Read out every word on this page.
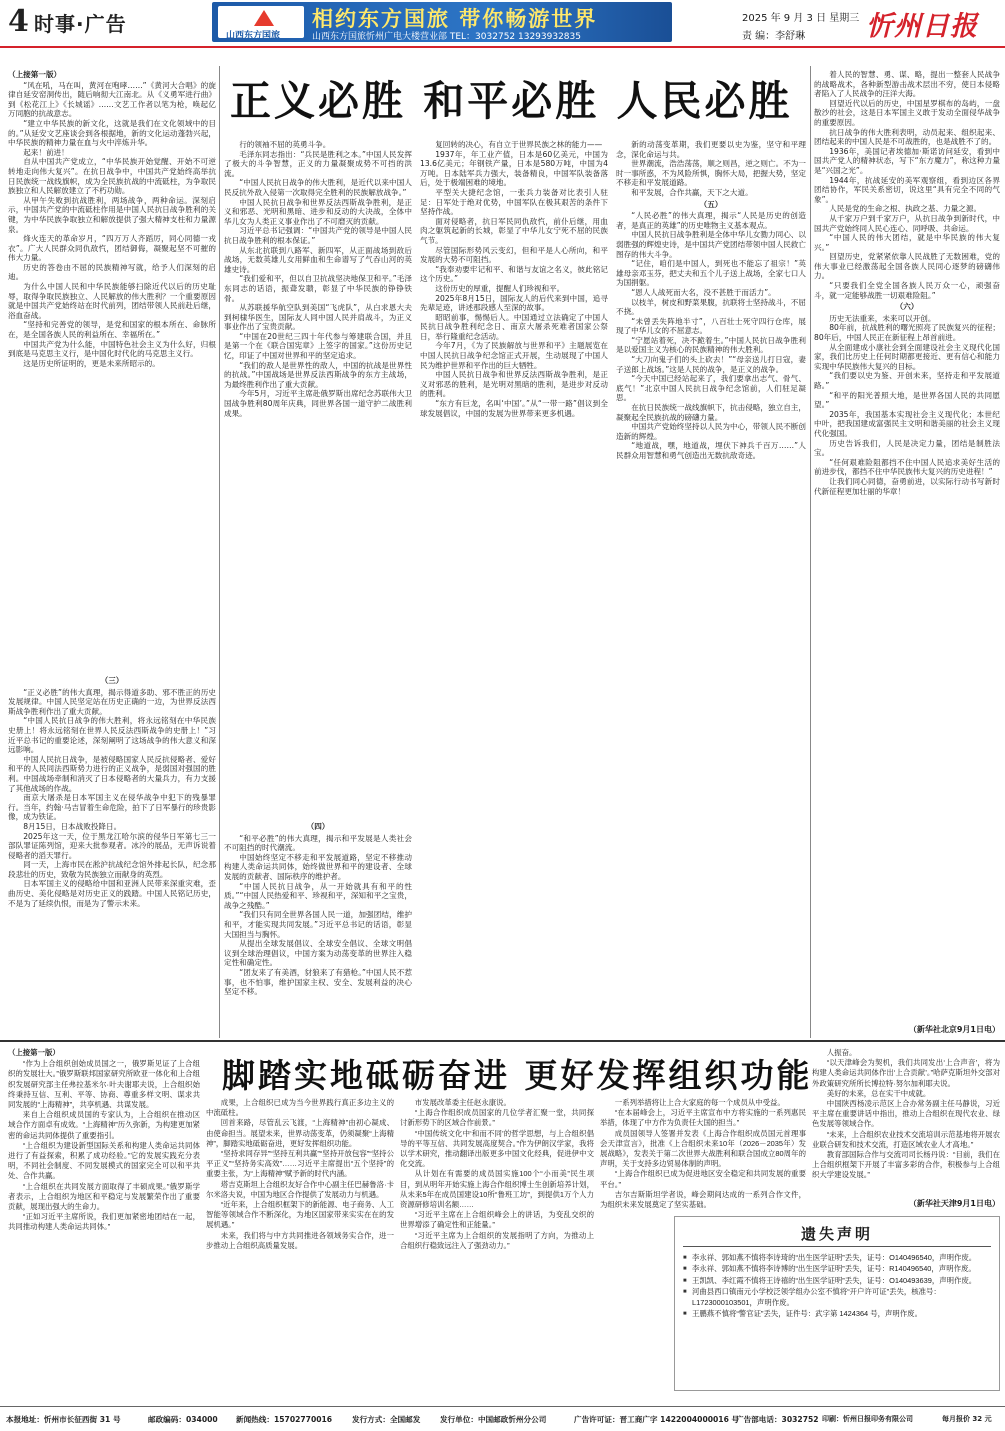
4 时事·广告	山西东方国旅
相约东方国旅 带你畅游世界
山西东方国旅忻州广电大楼营业部 TEL：3032752 13293932835
2025 年 9 月 3 日 星期三
责 编：李舒琳 忻州日报
正义必胜 和平必胜 人民必胜

（上接第一版）

“风在吼，马在叫，黄河在咆哮……”《黄河大合唱》的旋律自延安窑洞传出，随后响彻大江南北。从《义勇军进行曲》到《松花江上》《长城谣》……文艺工作者以笔为枪，唤起亿万同胞的抗战意志。

“建立中华民族的新文化，这就是我们在文化领域中的目的。”从延安文艺座谈会到各根据地，新的文化运动蓬勃兴起，中华民族的精神力量在血与火中淬炼升华。

起来！前进！

自从中国共产党成立，“中华民族开始觉醒、开始不可逆转地走向伟大复兴”。在抗日战争中，中国共产党始终高举抗日民族统一战线旗帜，成为全民族抗战的中流砥柱，为争取民族独立和人民解放建立了不朽功勋。

从甲午失败到抗战胜利，两场战争，两种命运。深刻启示，中国共产党的中流砥柱作用是中国人民抗日战争胜利的关键，为中华民族争取独立和解放提供了强大精神支柱和力量源泉。

烽火连天的革命岁月，“四万万人齐蹈厉，同心同德一戎衣”。广大人民群众同仇敌忾，团结御侮，凝聚起坚不可摧的伟大力量。

历史的答卷由不屈的民族精神写就，给予人们深刻的启迪。

为什么中国人民和中华民族能够扫除近代以后的历史耻辱，取得争取民族独立、人民解放的伟大胜利？一个重要原因就是中国共产党始终站在时代前列，团结带领人民前赴后继，浴血奋战。

“坚持和完善党的领导，是党和国家的根本所在、命脉所在，是全国各族人民的利益所在、幸福所在。”

中国共产党为什么能，中国特色社会主义为什么好，归根到底是马克思主义行，是中国化时代化的马克思主义行。

这是历史所证明的，更是未来所昭示的。

（三）

“正义必胜”的伟大真理，揭示得道多助、邪不胜正的历史发展规律。中国人民坚定站在历史正确的一边，为世界反法西斯战争胜利作出了重大贡献。

“中国人民抗日战争的伟大胜利，将永远铭刻在中华民族史册上！将永远铭刻在世界人民反法西斯战争的史册上！”习近平总书记的重要论述，深刻阐明了这场战争的伟大意义和深远影响。

中国人民抗日战争，是被侵略国家人民反抗侵略者、爱好和平的人民同法西斯势力进行的正义战争，是弱国对强国的胜利。中国战场牵制和消灭了日本侵略者的大量兵力，有力支援了其他战场的作战。

南京大屠杀是日本军国主义在侵华战争中犯下的残暴罪行。当年，约翰·马吉冒着生命危险，拍下了日军暴行的珍贵影像，成为铁证。

8月15日，日本战败投降日。

2025年这一天，位于黑龙江哈尔滨的侵华日军第七三一部队罪证陈列馆，迎来大批参观者。冰冷的展品，无声诉说着侵略者的滔天罪行。

同一天，上海市民在淞沪抗战纪念馆外排起长队，纪念那段悲壮的历史，致敬为民族独立而献身的英烈。

日本军国主义的侵略给中国和亚洲人民带来深重灾难，歪曲历史、美化侵略是对历史正义的践踏。中国人民铭记历史，不是为了延续仇恨，而是为了警示未来。

行的领袖不屈的英勇斗争。

毛泽东同志指出：“兵民是胜利之本。”中国人民发挥了极大的斗争智慧，正义的力量凝聚成势不可挡的洪流。

“中国人民抗日战争的伟大胜利，是近代以来中国人民反抗外敌入侵第一次取得完全胜利的民族解放战争。”

中国人民抗日战争和世界反法西斯战争胜利，是正义和邪恶、光明和黑暗、进步和反动的大决战，全体中华儿女为人类正义事业作出了不可磨灭的贡献。

习近平总书记强调：“中国共产党的领导是中国人民抗日战争胜利的根本保证。”

从东北抗联到八路军、新四军，从正面战场到敌后战场，无数英雄儿女用鲜血和生命谱写了气吞山河的英雄史诗。

“我们爱和平，但以自卫抗战坚决地保卫和平。”毛泽东同志的话语，振聋发聩，彰显了中华民族的铮铮铁骨。

从苏联援华航空队到美国“飞虎队”，从白求恩大夫到柯棣华医生，国际友人同中国人民并肩战斗，为正义事业作出了宝贵贡献。

“中国在20世纪三四十年代参与筹建联合国，并且是第一个在《联合国宪章》上签字的国家。”这份历史记忆，印证了中国对世界和平的坚定追求。

“我们的敌人是世界性的敌人，中国的抗战是世界性的抗战。”中国战场是世界反法西斯战争的东方主战场，为最终胜利作出了重大贡献。

今年5月，习近平主席赴俄罗斯出席纪念苏联伟大卫国战争胜利80周年庆典，同世界各国一道守护二战胜利成果。

（四）

“和平必胜”的伟大真理，揭示和平发展是人类社会不可阻挡的时代潮流。

中国始终坚定不移走和平发展道路，坚定不移推动构建人类命运共同体，始终做世界和平的建设者、全球发展的贡献者、国际秩序的维护者。

“中国人民抗日战争，从一开始就具有和平的性质。”“中国人民热爱和平、珍视和平，深知和平之宝贵，战争之残酷。”

“我们只有同全世界各国人民一道，加强团结，维护和平，才能实现共同发展。”习近平总书记的话语，彰显大国担当与胸怀。

从提出全球发展倡议、全球安全倡议、全球文明倡议到全球治理倡议，中国方案为动荡变革的世界注入稳定性和确定性。

“团友来了有美酒，豺狼来了有猎枪。”中国人民不惹事，也不怕事，维护国家主权、安全、发展利益的决心坚定不移。

复回转的决心，有自立于世界民族之林的能力——

1937年，年工业产值，日本是60亿美元，中国为13.6亿美元；年钢铁产量，日本是580万吨，中国为4万吨。日本陆军兵力强大，装备精良，中国军队装备落后，处于极端困难的境地。

平型关大捷纪念馆，一张兵力装备对比表引人驻足：日军处于绝对优势，中国军队在极其艰苦的条件下坚持作战。

面对侵略者，抗日军民同仇敌忾，前仆后继，用血肉之躯筑起新的长城，彰显了中华儿女宁死不屈的民族气节。

尽管国际形势风云变幻，但和平是人心所向，和平发展的大势不可阻挡。

“我奉劝要牢记和平、和谐与友谊之名义，彼此铭记这个历史。”

这份历史的厚重，提醒人们珍视和平。

2025年8月15日，国际友人的后代来到中国，追寻先辈足迹，讲述那段感人至深的故事。

昭昭前事，惕惕后人。中国通过立法确定了中国人民抗日战争胜利纪念日、南京大屠杀死难者国家公祭日，举行隆重纪念活动。

今年7月，《为了民族解放与世界和平》主题展览在中国人民抗日战争纪念馆正式开展，生动展现了中国人民为维护世界和平作出的巨大牺牲。

中国人民抗日战争和世界反法西斯战争胜利，是正义对邪恶的胜利，是光明对黑暗的胜利，是进步对反动的胜利。

“东方有巨龙，名叫‘中国’。”从“一带一路”倡议到全球发展倡议，中国的发展为世界带来更多机遇。

新的动荡变革期，我们更要以史为鉴，坚守和平理念，深化命运与共。

世界潮流，浩浩荡荡，顺之则昌，逆之则亡。不为一时一事所惑，不为风险所惧，胸怀大局，把握大势，坚定不移走和平发展道路。

和平发展，合作共赢，天下之大道。

（五）

“人民必胜”的伟大真理，揭示“人民是历史的创造者，是真正的英雄”的历史唯物主义基本观点。

中国人民抗日战争胜利是全体中华儿女勠力同心、以弱胜强的辉煌史诗，是中国共产党团结带领中国人民救亡图存的伟大斗争。

“记住，咱们是中国人，到死也不能忘了祖宗！”英雄母亲邓玉芬，把丈夫和五个儿子送上战场，全家七口人为国捐躯。

“恩人人战死而大名，没不甚胜于而活力”。

以枝羊，树皮和野菜果腹，抗联将士坚持战斗，不屈不挠。

“未曾丢失阵地半寸”，八百壮士死守四行仓库，展现了中华儿女的不屈意志。

“宁愿站着死，决不跪着生。”中国人民抗日战争胜利是以爱国主义为核心的民族精神的伟大胜利。

“大刀向鬼子们的头上砍去！”“母亲送儿打日寇，妻子送郎上战场。”这是人民的战争，是正义的战争。

“今天中国已经站起来了，我们要拿出志气、骨气、底气！”北京中国人民抗日战争纪念馆前，人们驻足凝思。

在抗日民族统一战线旗帜下，抗击侵略，独立自主，凝聚起全民族抗战的磅礴力量。

中国共产党始终坚持以人民为中心，带领人民不断创造新的辉煌。

“地道战，嘿，地道战，埋伏下神兵千百万……”人民群众用智慧和勇气创造出无数抗敌奇迹。

着人民的智慧、勇、谋、略，提出一整套人民战争的战略战术，各种新型游击战术层出不穷，使日本侵略者陷入了人民战争的汪洋大海。

回望近代以后的历史，中国星罗棋布的岛屿，一盘散沙的社会，这是日本军国主义敢于发动全面侵华战争的重要原因。

抗日战争的伟大胜利表明，动员起来、组织起来、团结起来的中国人民是不可战胜的，也是战胜不了的。

1936年，美国记者埃德加·斯诺访问延安，看到中国共产党人的精神状态，写下“东方魔力”，称这种力量是“兴国之光”。

1944年，抗战延安的美军观察组，看到边区各界团结协作，军民关系密切，说这里“具有完全不同的气象”。

人民是党的生命之根、执政之基、力量之源。

从千家万户到千家万户，从抗日战争到新时代，中国共产党始终同人民心连心、同呼吸、共命运。

“中国人民的伟大团结，就是中华民族的伟大复兴。”

回望历史，党紧紧依靠人民战胜了无数困难，党的伟大事业已经激荡起全国各族人民同心逐梦的磅礴伟力。

“只要我们全党全国各族人民万众一心，顽强奋斗，就一定能够战胜一切艰难险阻。”

（六）

历史无法重来，未来可以开创。

80年前，抗战胜利的曙光照亮了民族复兴的征程；80年后，中国人民正在新征程上昂首前进。

从全面建成小康社会到全面建设社会主义现代化国家，我们比历史上任何时期都更接近、更有信心和能力实现中华民族伟大复兴的目标。

“我们要以史为鉴、开创未来，坚持走和平发展道路。”

“和平的阳光普照大地，是世界各国人民的共同愿望。”

2035年，我国基本实现社会主义现代化；本世纪中叶，把我国建成富强民主文明和谐美丽的社会主义现代化强国。

历史告诉我们，人民是决定力量，团结是制胜法宝。

“任何艰难险阻都挡不住中国人民追求美好生活的前进步伐，都挡不住中华民族伟大复兴的历史进程！”

让我们同心同德，奋勇前进，以实际行动书写新时代新征程更加壮丽的华章！

（新华社北京9月1日电）
脚踏实地砥砺奋进 更好发挥组织功能

（上接第一版）

“作为上合组织创始成员国之一，俄罗斯见证了上合组织的发展壮大。”俄罗斯联邦国家研究所欧亚一体化和上合组织发展研究部主任弗拉基米尔·叶夫谢耶夫说，上合组织始终秉持互信、互利、平等、协商、尊重多样文明、谋求共同发展的“上海精神”，共享机遇、共谋发展。

来自上合组织成员国的专家认为，上合组织在推动区域合作方面卓有成效。“上海精神”历久弥新，为构建更加紧密的命运共同体提供了重要指引。

“上合组织为建设新型国际关系和构建人类命运共同体进行了有益探索，积累了成功经验。”它的发展实践充分表明，不同社会制度、不同发展模式的国家完全可以和平共处、合作共赢。

“上合组织在共同发展方面取得了丰硕成果。”俄罗斯学者表示，上合组织为地区和平稳定与发展繁荣作出了重要贡献，展现出强大的生命力。

“正如习近平主席所说，我们更加紧密地团结在一起，共同推动构建人类命运共同体。”

成果，上合组织已成为当今世界践行真正多边主义的中流砥柱。

回首来路，尽管乱云飞渡，“上海精神”由初心凝成、由使命担当。展望未来，世界动荡变革，仍须凝聚“上海精神”，脚踏实地砥砺奋进，更好发挥组织功能。

“坚持求同存异”“坚持互利共赢”“坚持开放包容”“坚持公平正义”“坚持务实高效”……习近平主席提出“五个坚持”的重要主张，为“上海精神”赋予新的时代内涵。

塔吉克斯坦上合组织友好合作中心副主任巴赫鲁洛·卡尔米洛夫说，中国为地区合作提供了发展动力与机遇。

“近年来，上合组织框架下的新能源、电子商务、人工智能等领域合作不断深化，为地区国家带来实实在在的发展机遇。”

未来，我们将与中方共同推进各领域务实合作，进一步推动上合组织高质量发展。

市发展改革委主任赵永康说。

“上海合作组织成员国家的几位学者汇聚一堂，共同探讨新形势下的区域合作前景。”

“中国传统文化中‘和而不同’的哲学思想，与上合组织倡导的平等互信、共同发展高度契合。”作为伊朗汉学家，我将以学术研究，推动翻译出版更多中国文化经典，促进伊中文化交流。

从计划在有需要的成员国实施100个“小而美”民生项目，到从明年开始实施上海合作组织博士生创新培养计划，从未来5年在成员国建设10所“鲁班工坊”，到提供1万个人力资源研修培训名额……

“习近平主席在上合组织峰会上的讲话，为变乱交织的世界增添了确定性和正能量。”

“习近平主席为上合组织的发展指明了方向，为推动上合组织行稳致远注入了强劲动力。”

一系列举措将让上合大家庭的每一个成员从中受益。

“在本届峰会上，习近平主席宣布中方将实施的一系列惠民举措，体现了中方作为负责任大国的担当。”

成员国领导人签署并发表《上海合作组织成员国元首理事会天津宣言》，批准《上合组织未来10年（2026－2035年）发展战略》，发表关于第二次世界大战胜利和联合国成立80周年的声明，关于支持多边贸易体制的声明。

“上海合作组织已成为促进地区安全稳定和共同发展的重要平台。”

吉尔吉斯斯坦学者说，峰会期间达成的一系列合作文件，为组织未来发展奠定了坚实基础。

人振奋。

“以天津峰会为契机，我们共同发出‘上合声音’，将为构建人类命运共同体作出‘上合贡献’。”哈萨克斯坦外交部对外政策研究所所长博拉特·努尔加利耶夫说。

美好的未来，总在实干中成就。

中国陕西杨凌示范区上合办常务副主任马静说，习近平主席在重要讲话中指出，推动上合组织在现代农业、绿色发展等领域合作。

“未来，上合组织农业技术交流培训示范基地将开展农业联合研发和技术交流，打造区域农业人才高地。”

教育部国际合作与交流司司长杨丹说：“目前，我们在上合组织框架下开展了丰富多彩的合作，积极参与上合组织大学建设发展。”

（新华社天津9月1日电）
遗失声明
■ 李永祥、郭如燕不慎将李诗琦的“出生医学证明”丢失，证号：O140496540，声明作废。
■ 李永祥、郭如燕不慎将李诗博的“出生医学证明”丢失，证号：R140496540，声明作废。
■ 王凯凯、李红霞不慎将王诗禧的“出生医学证明”丢失，证号：O140493639，声明作废。
■ 河曲县西口镇南元小学校泛领学组办公室不慎将“开户许可证”丢失，核准号：L1723000103501，声明作废。
■ 王鹏燕不慎将“警官证”丢失，证件号：武字第 1424364 号，声明作废。
本报地址：忻州市长征西街 31 号	邮政编码：034000 新闻热线：15702770016	发行方式：全国邮发	发行单位：中国邮政忻州分公司	广告许可证：晋工商广字 1422004000016 号
广告部电话：3032752 印刷：忻州日报印务有限公司	每月报价 32 元
